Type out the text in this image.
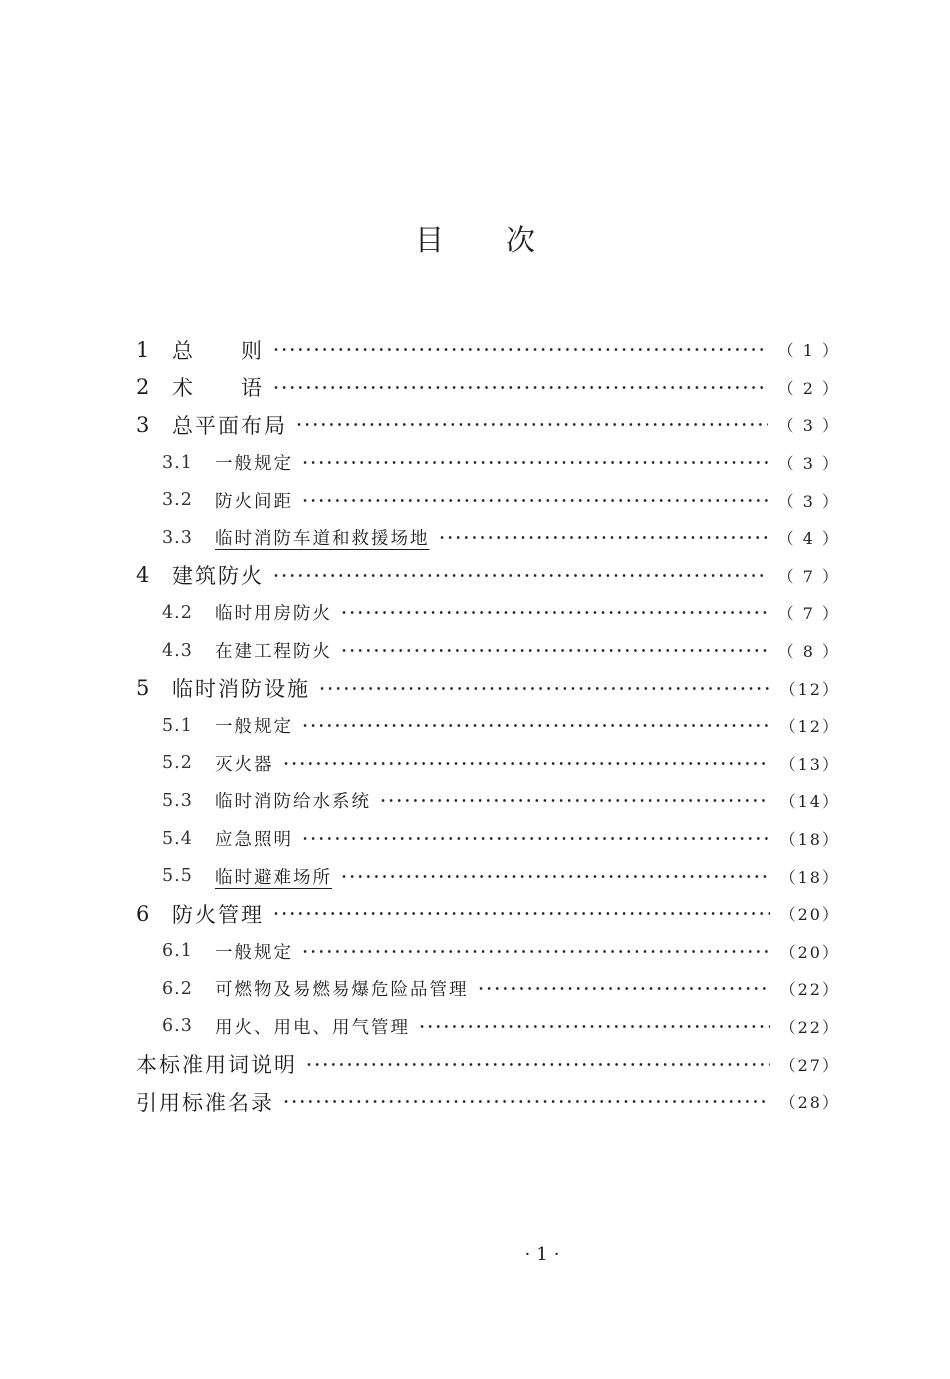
目次
1	总　　则	（ 1 ）
2	术　　语	（ 2 ）
3	总平面布局	（ 3 ）
3.1	一般规定	（ 3 ）
3.2	防火间距	（ 3 ）
3.3	临时消防车道和救援场地	（ 4 ）
4	建筑防火	（ 7 ）
4.2	临时用房防火	（ 7 ）
4.3	在建工程防火	（ 8 ）
5	临时消防设施	（12）
5.1	一般规定	（12）
5.2	灭火器	（13）
5.3	临时消防给水系统	（14）
5.4	应急照明	（18）
5.5	临时避难场所	（18）
6	防火管理	（20）
6.1	一般规定	（20）
6.2	可燃物及易燃易爆危险品管理	（22）
6.3	用火、用电、用气管理	（22）
本标准用词说明	（27）
引用标准名录	（28）
·1·
